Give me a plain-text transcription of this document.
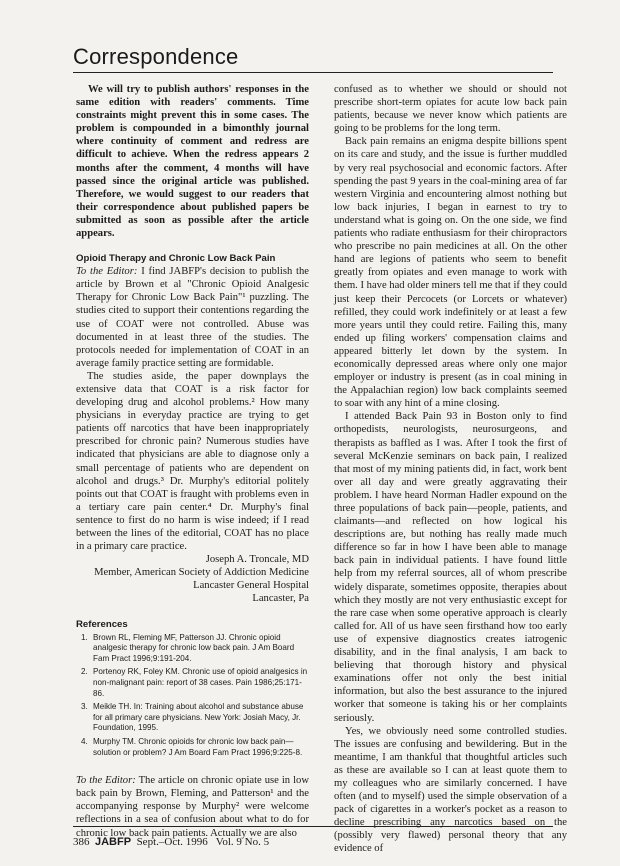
Correspondence

We will try to publish authors' responses in the same edition with readers' comments. Time constraints might prevent this in some cases. The problem is compounded in a bimonthly journal where continuity of comment and redress are difficult to achieve. When the redress appears 2 months after the comment, 4 months will have passed since the original article was published. Therefore, we would suggest to our readers that their correspondence about published papers be submitted as soon as possible after the article appears.

Opioid Therapy and Chronic Low Back Pain

To the Editor: I find JABFP's decision to publish the article by Brown et al "Chronic Opioid Analgesic Therapy for Chronic Low Back Pain"¹ puzzling. The studies cited to support their contentions regarding the use of COAT were not controlled. Abuse was documented in at least three of the studies. The protocols needed for implementation of COAT in an average family practice setting are formidable.

The studies aside, the paper downplays the extensive data that COAT is a risk factor for developing drug and alcohol problems.² How many physicians in everyday practice are trying to get patients off narcotics that have been inappropriately prescribed for chronic pain? Numerous studies have indicated that physicians are able to diagnose only a small percentage of patients who are dependent on alcohol and drugs.³ Dr. Murphy's editorial politely points out that COAT is fraught with problems even in a tertiary care pain center.⁴ Dr. Murphy's final sentence to first do no harm is wise indeed; if I read between the lines of the editorial, COAT has no place in a primary care practice.

Joseph A. Troncale, MD
Member, American Society of Addiction Medicine
Lancaster General Hospital
Lancaster, Pa
References
1. Brown RL, Fleming MF, Patterson JJ. Chronic opioid analgesic therapy for chronic low back pain. J Am Board Fam Pract 1996;9:191-204.
2. Portenoy RK, Foley KM. Chronic use of opioid analgesics in non-malignant pain: report of 38 cases. Pain 1986;25:171-86.
3. Meikle TH. In: Training about alcohol and substance abuse for all primary care physicians. New York: Josiah Macy, Jr. Foundation, 1995.
4. Murphy TM. Chronic opioids for chronic low back pain—solution or problem? J Am Board Fam Pract 1996;9:225-8.

To the Editor: The article on chronic opiate use in low back pain by Brown, Fleming, and Patterson¹ and the accompanying response by Murphy² were welcome reflections in a sea of confusion about what to do for chronic low back pain patients. Actually we are also

confused as to whether we should or should not prescribe short-term opiates for acute low back pain patients, because we never know which patients are going to be problems for the long term.

Back pain remains an enigma despite billions spent on its care and study, and the issue is further muddled by very real psychosocial and economic factors. After spending the past 9 years in the coal-mining area of far western Virginia and encountering almost nothing but low back injuries, I began in earnest to try to understand what is going on. On the one side, we find patients who radiate enthusiasm for their chiropractors who prescribe no pain medicines at all. On the other hand are legions of patients who seem to benefit greatly from opiates and even manage to work with them. I have had older miners tell me that if they could just keep their Percocets (or Lorcets or whatever) refilled, they could work indefinitely or at least a few more years until they could retire. Failing this, many ended up filing workers' compensation claims and appeared bitterly let down by the system. In economically depressed areas where only one major employer or industry is present (as in coal mining in the Appalachian region) low back complaints seemed to soar with any hint of a mine closing.

I attended Back Pain 93 in Boston only to find orthopedists, neurologists, neurosurgeons, and therapists as baffled as I was. After I took the first of several McKenzie seminars on back pain, I realized that most of my mining patients did, in fact, work bent over all day and were greatly aggravating their problem. I have heard Norman Hadler expound on the three populations of back pain—people, patients, and claimants—and reflected on how logical his descriptions are, but nothing has really made much difference so far in how I have been able to manage back pain in individual patients. I have found little help from my referral sources, all of whom prescribe widely disparate, sometimes opposite, therapies about which they mostly are not very enthusiastic except for the rare case when some operative approach is clearly called for. All of us have seen firsthand how too early use of expensive diagnostics creates iatrogenic disability, and in the final analysis, I am back to believing that thorough history and physical examinations offer not only the best initial information, but also the best assurance to the injured worker that someone is taking his or her complaints seriously.

Yes, we obviously need some controlled studies. The issues are confusing and bewildering. But in the meantime, I am thankful that thoughtful articles such as these are available so I can at least quote them to my colleagues who are similarly concerned. I have often (and to myself) used the simple observation of a pack of cigarettes in a worker's pocket as a reason to decline prescribing any narcotics based on the (possibly very flawed) personal theory that any evidence of

386 JABFP Sept.–Oct. 1996   Vol. 9 No. 5
